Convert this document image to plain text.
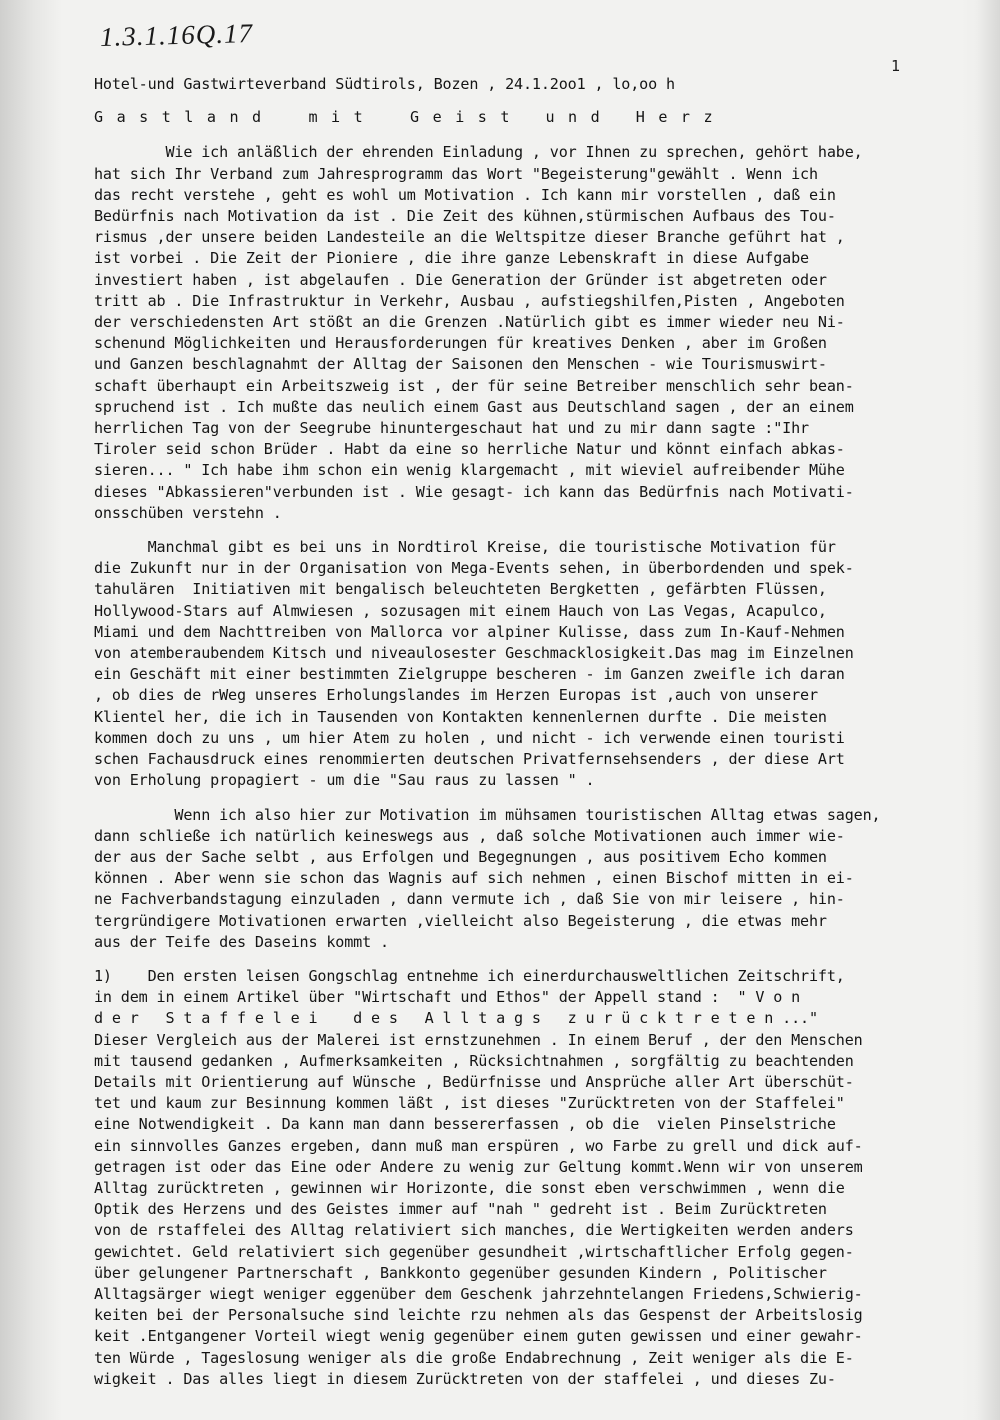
1.3.1.16Q.17
1
Hotel-und Gastwirteverband Südtirols, Bozen , 24.1.2oo1 , lo,oo h
G a s t l a n d    m i t    G e i s t   u n d   H e r z
Wie ich anläßlich der ehrenden Einladung , vor Ihnen zu sprechen, gehört habe,
hat sich Ihr Verband zum Jahresprogramm das Wort "Begeisterung"gewählt . Wenn ich
das recht verstehe , geht es wohl um Motivation . Ich kann mir vorstellen , daß ein
Bedürfnis nach Motivation da ist . Die Zeit des kühnen,stürmischen Aufbaus des Tou-
rismus ,der unsere beiden Landesteile an die Weltspitze dieser Branche geführt hat ,
ist vorbei . Die Zeit der Pioniere , die ihre ganze Lebenskraft in diese Aufgabe
investiert haben , ist abgelaufen . Die Generation der Gründer ist abgetreten oder
tritt ab . Die Infrastruktur in Verkehr, Ausbau , aufstiegshilfen,Pisten , Angeboten
der verschiedensten Art stößt an die Grenzen .Natürlich gibt es immer wieder neu Ni-
schenund Möglichkeiten und Herausforderungen für kreatives Denken , aber im Großen
und Ganzen beschlagnahmt der Alltag der Saisonen den Menschen - wie Tourismuswirt-
schaft überhaupt ein Arbeitszweig ist , der für seine Betreiber menschlich sehr bean-
spruchend ist . Ich mußte das neulich einem Gast aus Deutschland sagen , der an einem
herrlichen Tag von der Seegrube hinuntergeschaut hat und zu mir dann sagte :"Ihr
Tiroler seid schon Brüder . Habt da eine so herrliche Natur und könnt einfach abkas-
sieren... " Ich habe ihm schon ein wenig klargemacht , mit wieviel aufreibender Mühe
dieses "Abkassieren"verbunden ist . Wie gesagt- ich kann das Bedürfnis nach Motivati-
onsschüben verstehn .
Manchmal gibt es bei uns in Nordtirol Kreise, die touristische Motivation für
die Zukunft nur in der Organisation von Mega-Events sehen, in überbordenden und spek-
tahulären  Initiativen mit bengalisch beleuchteten Bergketten , gefärbten Flüssen,
Hollywood-Stars auf Almwiesen , sozusagen mit einem Hauch von Las Vegas, Acapulco,
Miami und dem Nachttreiben von Mallorca vor alpiner Kulisse, dass zum In-Kauf-Nehmen
von atemberaubendem Kitsch und niveaulosester Geschmacklosigkeit.Das mag im Einzelnen
ein Geschäft mit einer bestimmten Zielgruppe bescheren - im Ganzen zweifle ich daran
, ob dies de rWeg unseres Erholungslandes im Herzen Europas ist ,auch von unserer
Klientel her, die ich in Tausenden von Kontakten kennenlernen durfte . Die meisten
kommen doch zu uns , um hier Atem zu holen , und nicht - ich verwende einen touristi
schen Fachausdruck eines renommierten deutschen Privatfernsehsenders , der diese Art
von Erholung propagiert - um die "Sau raus zu lassen " .
Wenn ich also hier zur Motivation im mühsamen touristischen Alltag etwas sagen,
dann schließe ich natürlich keineswegs aus , daß solche Motivationen auch immer wie-
der aus der Sache selbt , aus Erfolgen und Begegnungen , aus positivem Echo kommen
können . Aber wenn sie schon das Wagnis auf sich nehmen , einen Bischof mitten in ei-
ne Fachverbandstagung einzuladen , dann vermute ich , daß Sie von mir leisere , hin-
tergründigere Motivationen erwarten ,vielleicht also Begeisterung , die etwas mehr
aus der Teife des Daseins kommt .
1)    Den ersten leisen Gongschlag entnehme ich einerdurchausweltlichen Zeitschrift,
in dem in einem Artikel über "Wirtschaft und Ethos" der Appell stand :  " V o n
d e r   S t a f f e l e i    d e s   A l l t a g s   z u r ü c k t r e t e n ..."
Dieser Vergleich aus der Malerei ist ernstzunehmen . In einem Beruf , der den Menschen
mit tausend gedanken , Aufmerksamkeiten , Rücksichtnahmen , sorgfältig zu beachtenden
Details mit Orientierung auf Wünsche , Bedürfnisse und Ansprüche aller Art überschüt-
tet und kaum zur Besinnung kommen läßt , ist dieses "Zurücktreten von der Staffelei"
eine Notwendigkeit . Da kann man dann bessererfassen , ob die  vielen Pinselstriche
ein sinnvolles Ganzes ergeben, dann muß man erspüren , wo Farbe zu grell und dick auf-
getragen ist oder das Eine oder Andere zu wenig zur Geltung kommt.Wenn wir von unserem
Alltag zurücktreten , gewinnen wir Horizonte, die sonst eben verschwimmen , wenn die
Optik des Herzens und des Geistes immer auf "nah " gedreht ist . Beim Zurücktreten
von de rstaffelei des Alltag relativiert sich manches, die Wertigkeiten werden anders
gewichtet. Geld relativiert sich gegenüber gesundheit ,wirtschaftlicher Erfolg gegen-
über gelungener Partnerschaft , Bankkonto gegenüber gesunden Kindern , Politischer
Alltagsärger wiegt weniger eggenüber dem Geschenk jahrzehntelangen Friedens,Schwierig-
keiten bei der Personalsuche sind leichte rzu nehmen als das Gespenst der Arbeitslosig
keit .Entgangener Vorteil wiegt wenig gegenüber einem guten gewissen und einer gewahr-
ten Würde , Tageslosung weniger als die große Endabrechnung , Zeit weniger als die E-
wigkeit . Das alles liegt in diesem Zurücktreten von der staffelei , und dieses Zu-
